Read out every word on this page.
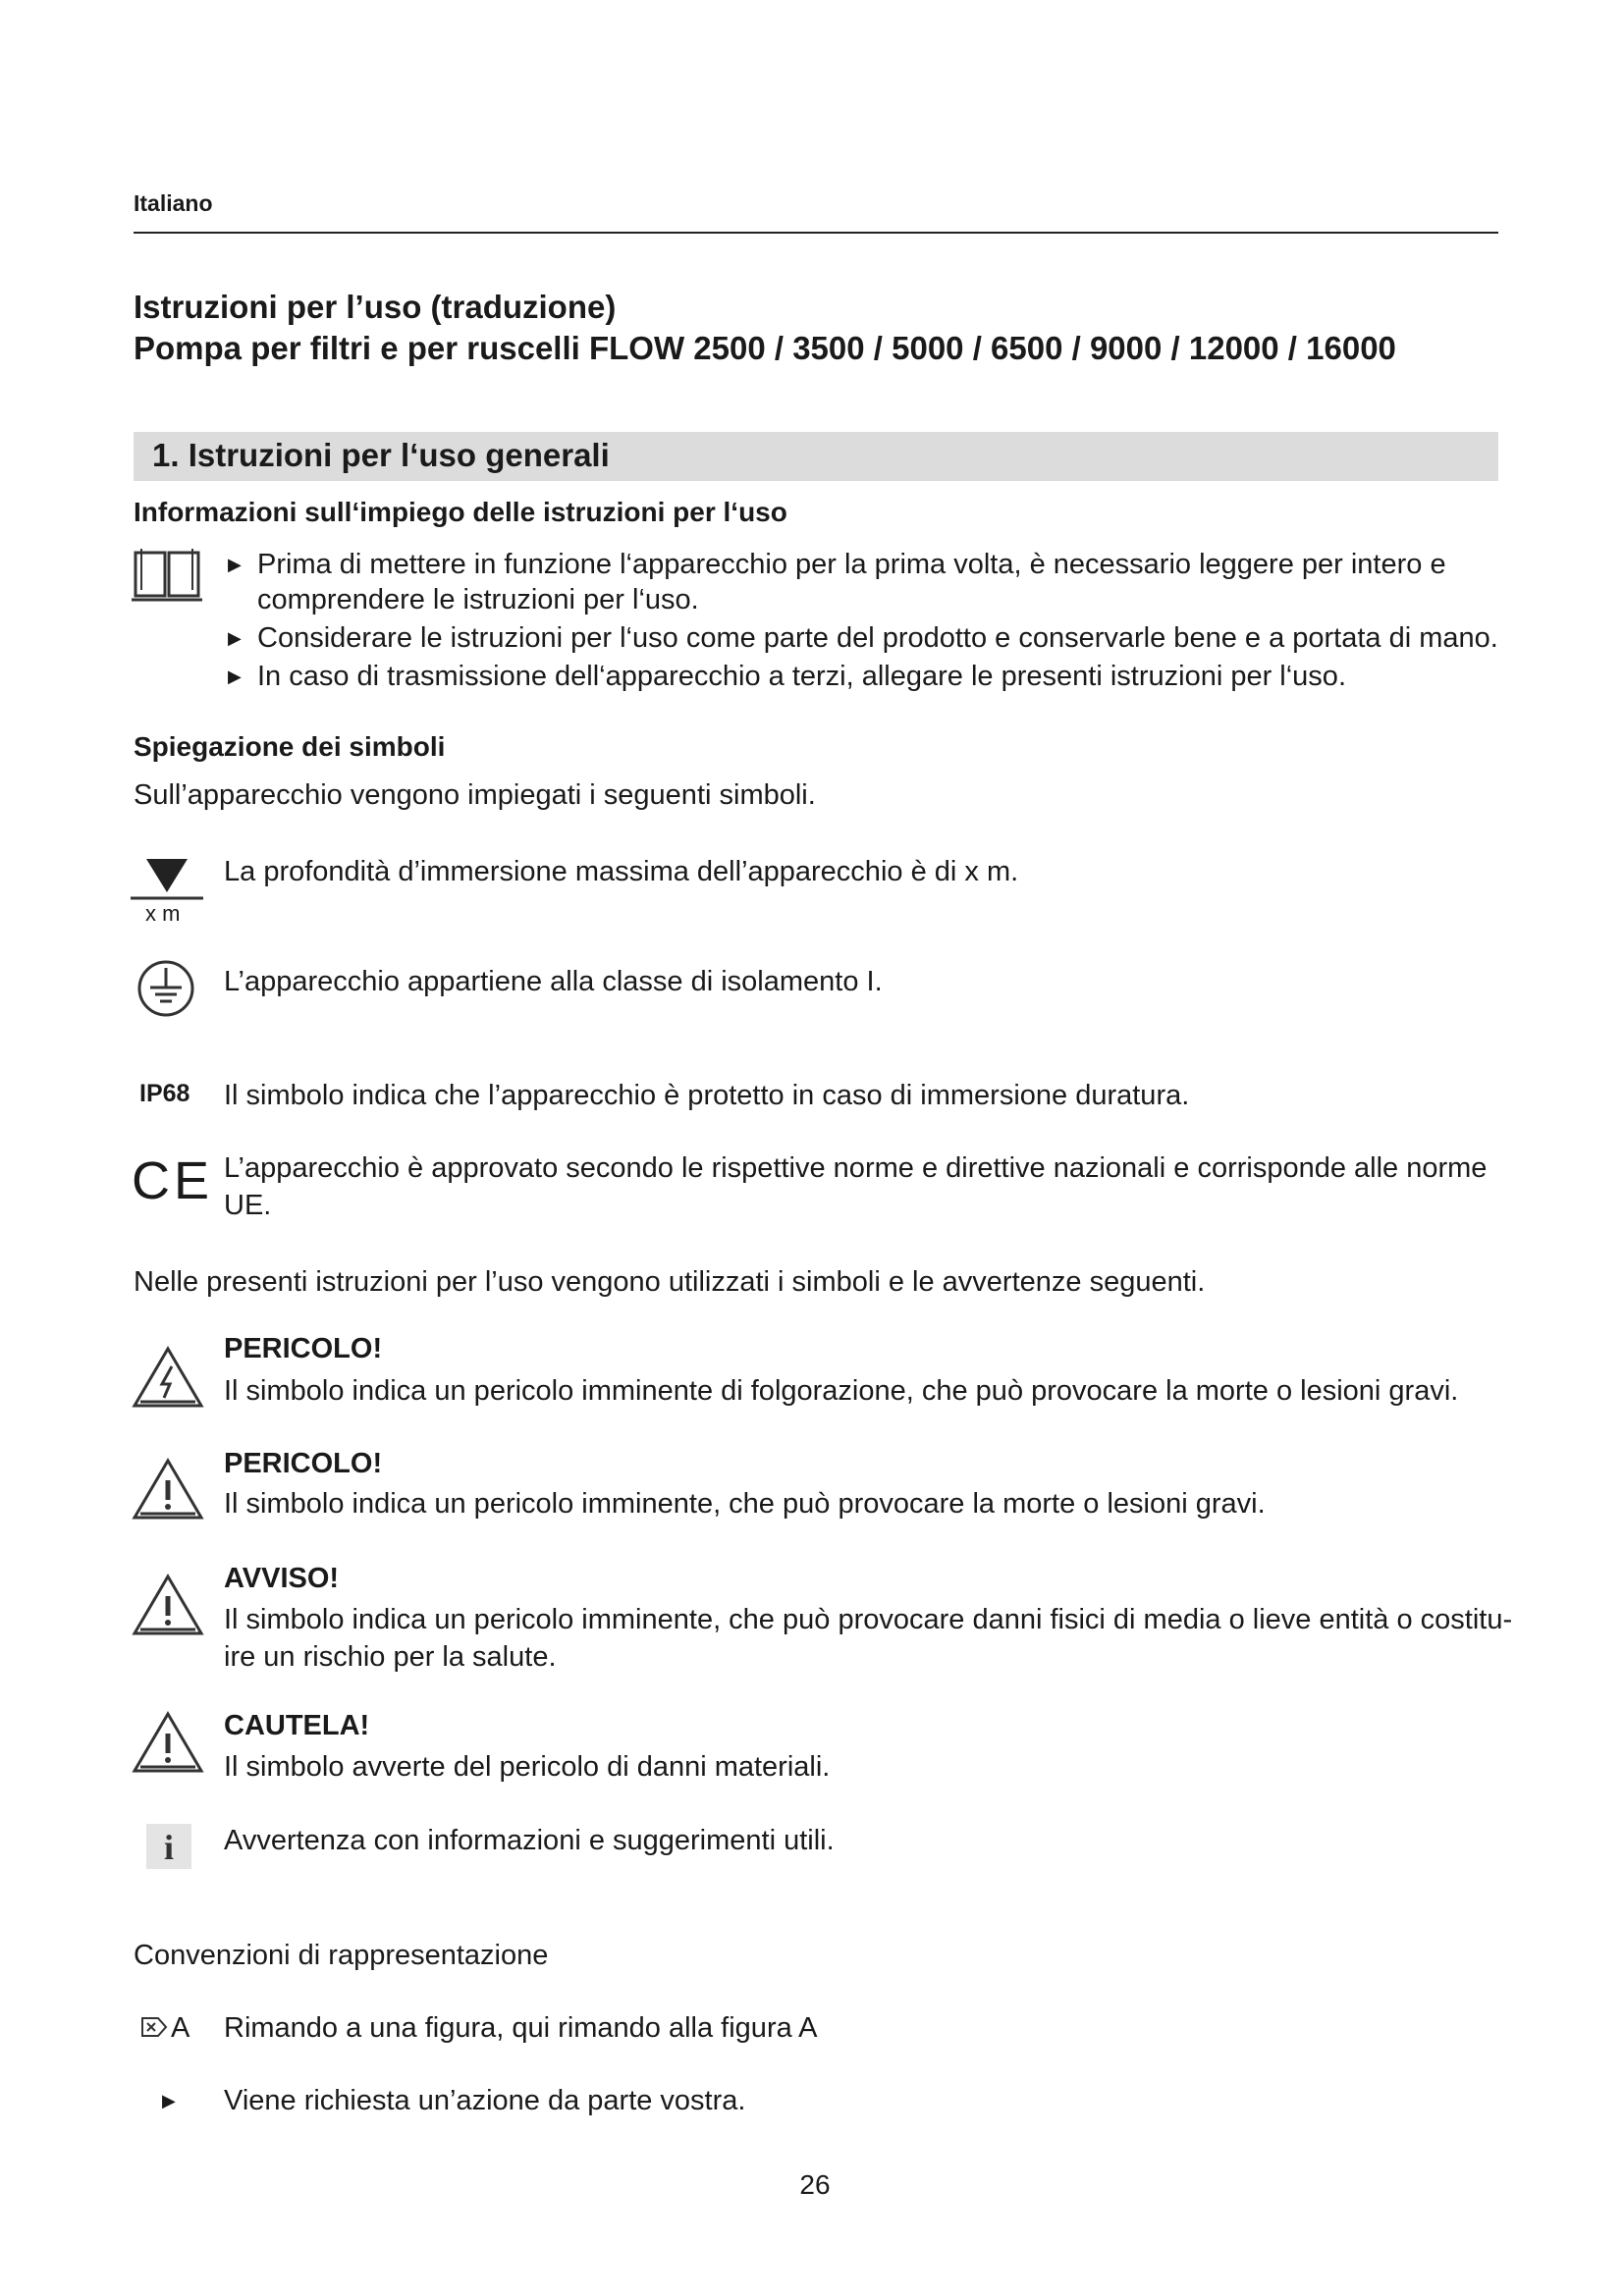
Italiano
Istruzioni per l’uso (traduzione)
Pompa per filtri e per ruscelli FLOW 2500 / 3500 / 5000 / 6500 / 9000 / 12000 / 16000
1. Istruzioni per l‘uso generali
Informazioni sull‘impiego delle istruzioni per l‘uso
▶ Prima di mettere in funzione l‘apparecchio per la prima volta, è necessario leggere per intero e
comprendere le istruzioni per l‘uso.
▶ Considerare le istruzioni per l‘uso come parte del prodotto e conservarle bene e a portata di mano.
▶ In caso di trasmissione dell‘apparecchio a terzi, allegare le presenti istruzioni per l‘uso.
Spiegazione dei simboli
Sull’apparecchio vengono impiegati i seguenti simboli.
x m
La profondità d’immersione massima dell’apparecchio è di x m.
L’apparecchio appartiene alla classe di isolamento I.
IP68 Il simbolo indica che l’apparecchio è protetto in caso di immersione duratura.
CE L’apparecchio è approvato secondo le rispettive norme e direttive nazionali e corrisponde alle norme
UE.
Nelle presenti istruzioni per l’uso vengono utilizzati i simboli e le avvertenze seguenti.
PERICOLO!
Il simbolo indica un pericolo imminente di folgorazione, che può provocare la morte o lesioni gravi.
PERICOLO!
Il simbolo indica un pericolo imminente, che può provocare la morte o lesioni gravi.
AVVISO!
Il simbolo indica un pericolo imminente, che può provocare danni fisici di media o lieve entità o costitu-
ire un rischio per la salute.
CAUTELA!
Il simbolo avverte del pericolo di danni materiali.
i	Avvertenza con informazioni e suggerimenti utili.
Convenzioni di rappresentazione
A Rimando a una figura, qui rimando alla figura A
▶ Viene richiesta un’azione da parte vostra.
26
